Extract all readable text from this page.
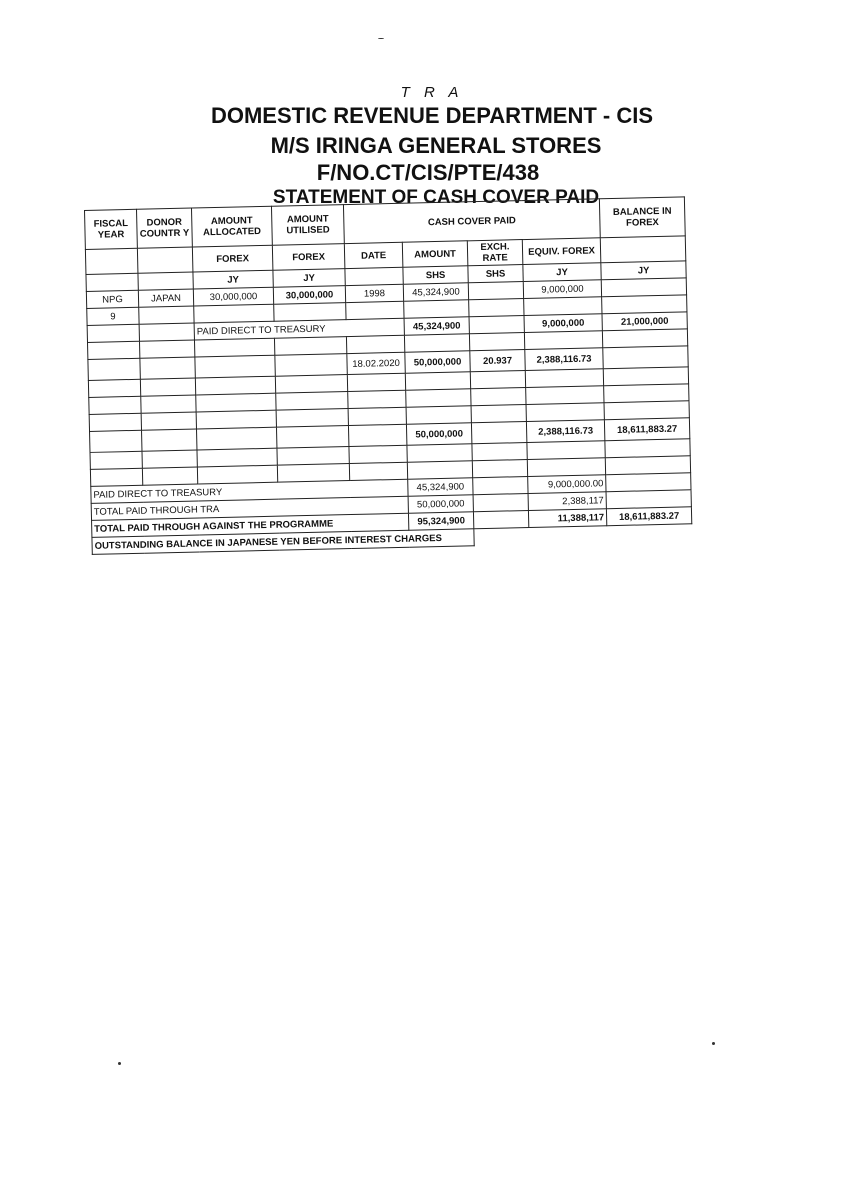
T R A
DOMESTIC REVENUE DEPARTMENT - CIS
M/S IRINGA GENERAL STORES
F/NO.CT/CIS/PTE/438
STATEMENT OF CASH COVER PAID
FISCAL YEAR	DONOR COUNTR Y	AMOUNT ALLOCATED	AMOUNT UTILISED	CASH COVER PAID				BALANCE IN FOREX
		FOREX	FOREX	DATE	AMOUNT	EXCH. RATE	EQUIV. FOREX	
		JY	JY		SHS	SHS	JY	JY
NPG	JAPAN	30,000,000	30,000,000	1998	45,324,900		9,000,000	
9								
		PAID DIRECT TO TREASURY			45,324,900		9,000,000	21,000,000

				18.02.2020	50,000,000	20.937	2,388,116.73	

					50,000,000		2,388,116.73	18,611,883.27

PAID DIRECT TO TREASURY					45,324,900		9,000,000.00	
TOTAL PAID THROUGH TRA					50,000,000		2,388,117	
TOTAL PAID THROUGH AGAINST THE PROGRAMME					95,324,900		11,388,117	18,611,883.27
OUTSTANDING BALANCE IN JAPANESE YEN BEFORE INTEREST CHARGES								
